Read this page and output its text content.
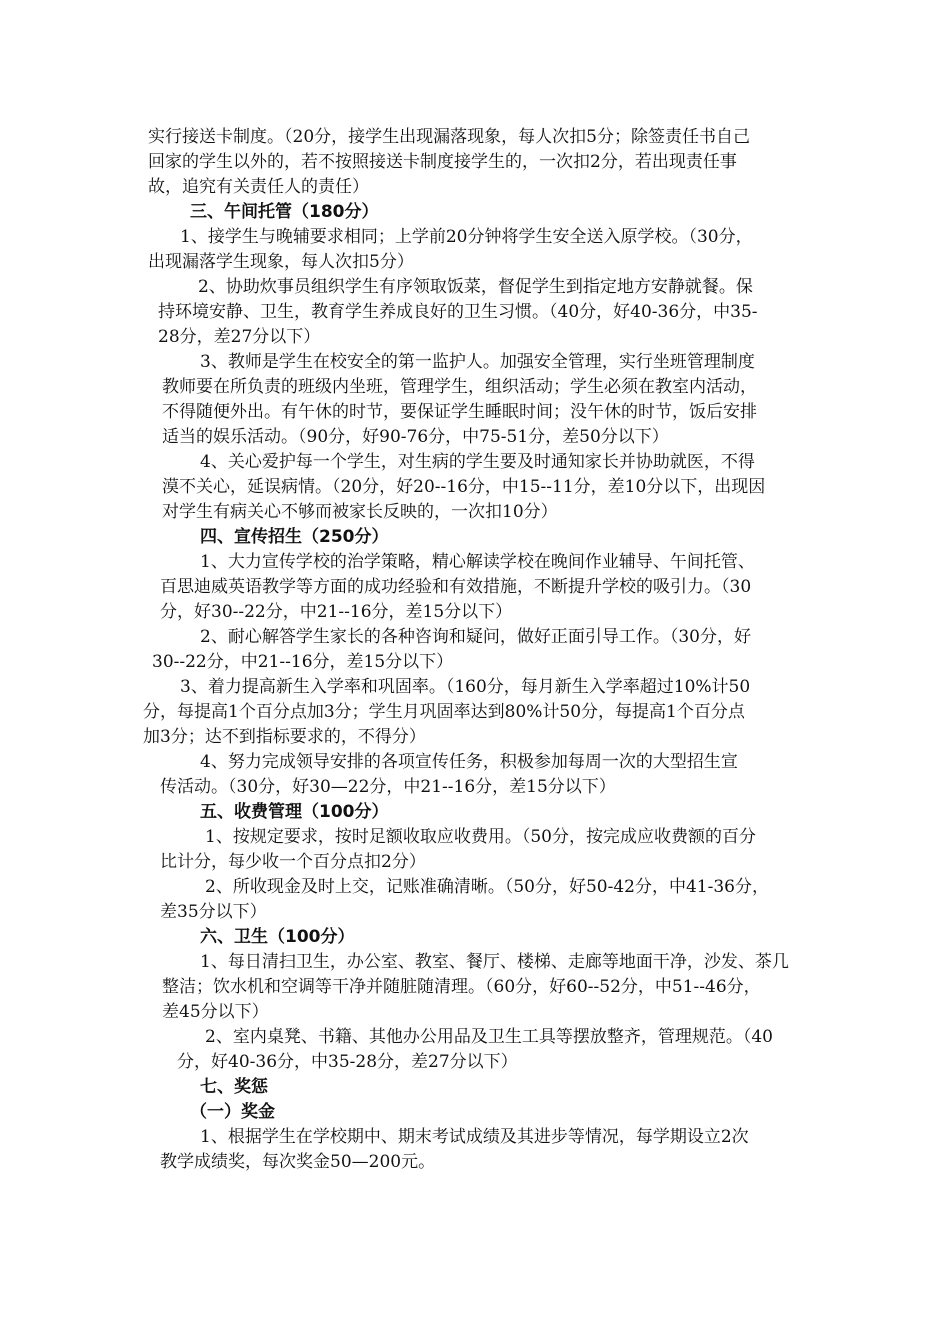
实行接送卡制度。（20分，接学生出现漏落现象，每人次扣5分；除签责任书自己
回家的学生以外的，若不按照接送卡制度接学生的，一次扣2分，若出现责任事
故，追究有关责任人的责任）
三、午间托管（180分）
1、接学生与晚辅要求相同；上学前20分钟将学生安全送入原学校。（30分，
出现漏落学生现象，每人次扣5分）
2、协助炊事员组织学生有序领取饭菜，督促学生到指定地方安静就餐。保
持环境安静、卫生，教育学生养成良好的卫生习惯。（40分，好40-36分，中35-
28分，差27分以下）
3、教师是学生在校安全的第一监护人。加强安全管理，实行坐班管理制度
教师要在所负责的班级内坐班，管理学生，组织活动；学生必须在教室内活动，
不得随便外出。有午休的时节，要保证学生睡眠时间；没午休的时节，饭后安排
适当的娱乐活动。（90分，好90-76分，中75-51分，差50分以下）
4、关心爱护每一个学生，对生病的学生要及时通知家长并协助就医，不得
漠不关心，延误病情。（20分，好20--16分，中15--11分，差10分以下，出现因
对学生有病关心不够而被家长反映的，一次扣10分）
四、宣传招生（250分）
1、大力宣传学校的治学策略，精心解读学校在晚间作业辅导、午间托管、
百思迪威英语教学等方面的成功经验和有效措施，不断提升学校的吸引力。（30
分，好30--22分，中21--16分，差15分以下）
2、耐心解答学生家长的各种咨询和疑问，做好正面引导工作。（30分，好
30--22分，中21--16分，差15分以下）
3、着力提高新生入学率和巩固率。（160分，每月新生入学率超过10%计50
分，每提高1个百分点加3分；学生月巩固率达到80%计50分，每提高1个百分点
加3分；达不到指标要求的，不得分）
4、努力完成领导安排的各项宣传任务，积极参加每周一次的大型招生宣
传活动。（30分，好30—22分，中21--16分，差15分以下）
五、收费管理（100分）
1、按规定要求，按时足额收取应收费用。（50分，按完成应收费额的百分
比计分，每少收一个百分点扣2分）
2、所收现金及时上交，记账准确清晰。（50分，好50-42分，中41-36分，
差35分以下）
六、卫生（100分）
1、每日清扫卫生，办公室、教室、餐厅、楼梯、走廊等地面干净，沙发、茶几
整洁；饮水机和空调等干净并随脏随清理。（60分，好60--52分，中51--46分，
差45分以下）
2、室内桌凳、书籍、其他办公用品及卫生工具等摆放整齐，管理规范。（40
分，好40-36分，中35-28分，差27分以下）
七、奖惩
（一）奖金
1、根据学生在学校期中、期末考试成绩及其进步等情况，每学期设立2次
教学成绩奖，每次奖金50—200元。
